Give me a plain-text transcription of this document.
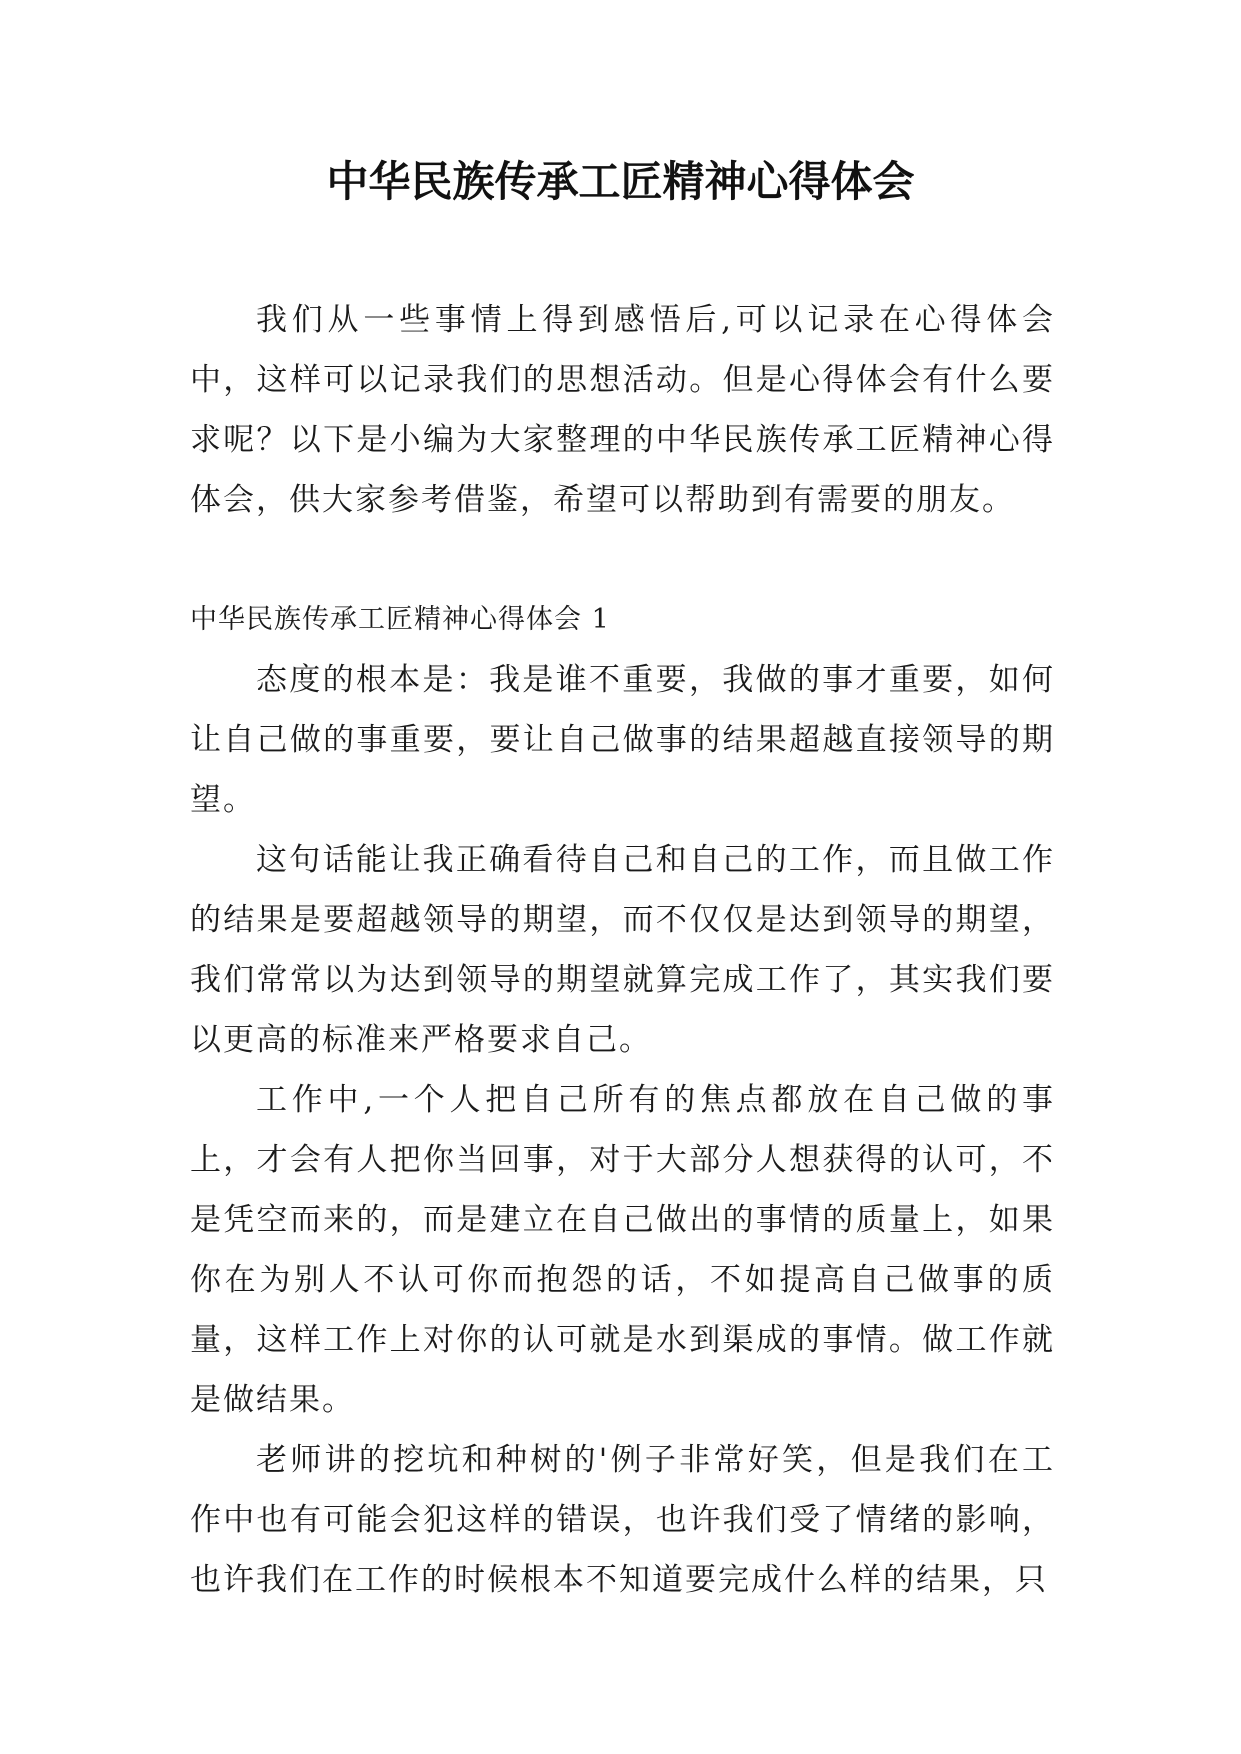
中华民族传承工匠精神心得体会

我们从一些事情上得到感悟后,可以记录在心得体会中，这样可以记录我们的思想活动。但是心得体会有什么要求呢？以下是小编为大家整理的中华民族传承工匠精神心得体会，供大家参考借鉴，希望可以帮助到有需要的朋友。

中华民族传承工匠精神心得体会 1

态度的根本是：我是谁不重要，我做的事才重要，如何让自己做的事重要，要让自己做事的结果超越直接领导的期望。

这句话能让我正确看待自己和自己的工作，而且做工作的结果是要超越领导的期望，而不仅仅是达到领导的期望，我们常常以为达到领导的期望就算完成工作了，其实我们要以更高的标准来严格要求自己。

工作中,一个人把自己所有的焦点都放在自己做的事上，才会有人把你当回事，对于大部分人想获得的认可，不是凭空而来的，而是建立在自己做出的事情的质量上，如果你在为别人不认可你而抱怨的话，不如提高自己做事的质量，这样工作上对你的认可就是水到渠成的事情。做工作就是做结果。

老师讲的挖坑和种树的'例子非常好笑，但是我们在工作中也有可能会犯这样的错误，也许我们受了情绪的影响，也许我们在工作的时候根本不知道要完成什么样的结果，只
